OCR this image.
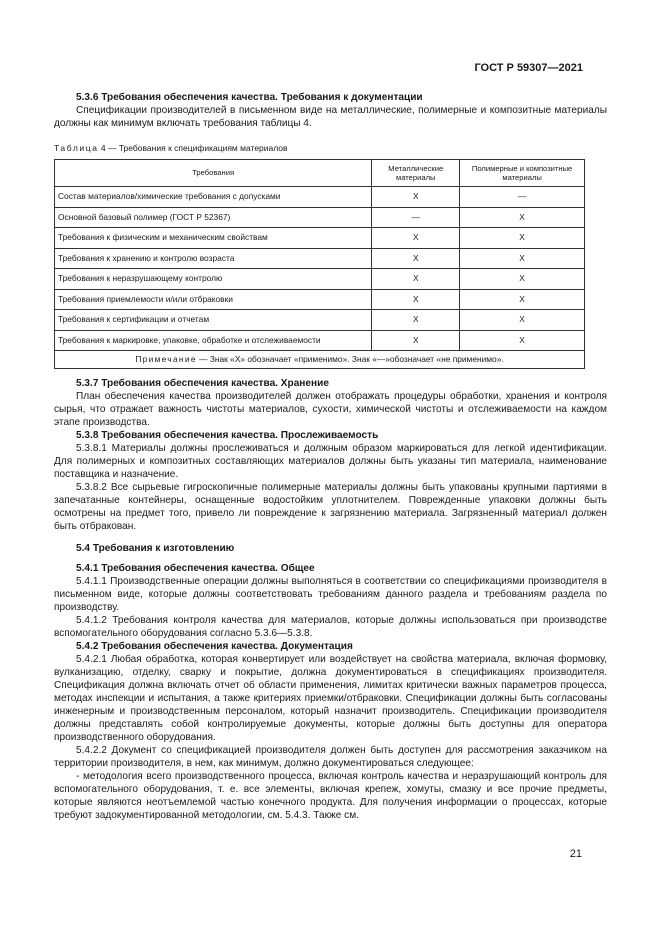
ГОСТ Р 59307—2021

5.3.6 Требования обеспечения качества. Требования к документации

Спецификации производителей в письменном виде на металлические, полимерные и композитные материалы должны как минимум включать требования таблицы 4.

Таблица 4 — Требования к спецификациям материалов

Требования	Металлические материалы	Полимерные и композитные материалы
Состав материалов/химические требования с допусками	X	—
Основной базовый полимер (ГОСТ Р 52367)	—	X
Требования к физическим и механическим свойствам	X	X
Требования к хранению и контролю возраста	X	X
Требования к неразрушающему контролю	X	X
Требования приемлемости и/или отбраковки	X	X
Требования к сертификации и отчетам	X	X
Требования к маркировке, упаковке, обработке и отслеживаемости	X	X
Примечание — Знак «X» обозначает «применимо». Знак «—»обозначает «не применимо».		

5.3.7 Требования обеспечения качества. Хранение

План обеспечения качества производителей должен отображать процедуры обработки, хранения и контроля сырья, что отражает важность чистоты материалов, сухости, химической чистоты и отслеживаемости на каждом этапе производства.

5.3.8 Требования обеспечения качества. Прослеживаемость

5.3.8.1 Материалы должны прослеживаться и должным образом маркироваться для легкой идентификации. Для полимерных и композитных составляющих материалов должны быть указаны тип материала, наименование поставщика и назначение.

5.3.8.2 Все сырьевые гигроскопичные полимерные материалы должны быть упакованы крупными партиями в запечатанные контейнеры, оснащенные водостойким уплотнителем. Поврежденные упаковки должны быть осмотрены на предмет того, привело ли повреждение к загрязнению материала. Загрязненный материал должен быть отбракован.

5.4 Требования к изготовлению

5.4.1 Требования обеспечения качества. Общее

5.4.1.1 Производственные операции должны выполняться в соответствии со спецификациями производителя в письменном виде, которые должны соответствовать требованиям данного раздела и требованиям раздела по производству.

5.4.1.2 Требования контроля качества для материалов, которые должны использоваться при производстве вспомогательного оборудования согласно 5.3.6—5.3.8.

5.4.2 Требования обеспечения качества. Документация

5.4.2.1 Любая обработка, которая конвертирует или воздействует на свойства материала, включая формовку, вулканизацию, отделку, сварку и покрытие, должна документироваться в спецификациях производителя. Спецификация должна включать отчет об области применения, лимитах критически важных параметров процесса, методах инспекции и испытания, а также критериях приемки/отбраковки. Спецификации должны быть согласованы инженерным и производственным персоналом, который назначит производитель. Спецификации производителя должны представлять собой контролируемые документы, которые должны быть доступны для оператора производственного оборудования.

5.4.2.2 Документ со спецификацией производителя должен быть доступен для рассмотрения заказчиком на территории производителя, в нем, как минимум, должно документироваться следующее:

- методология всего производственного процесса, включая контроль качества и неразрушающий контроль для вспомогательного оборудования, т. е. все элементы, включая крепеж, хомуты, смазку и все прочие предметы, которые являются неотъемлемой частью конечного продукта. Для получения информации о процессах, которые требуют задокументированной методологии, см. 5.4.3. Также см.

21
